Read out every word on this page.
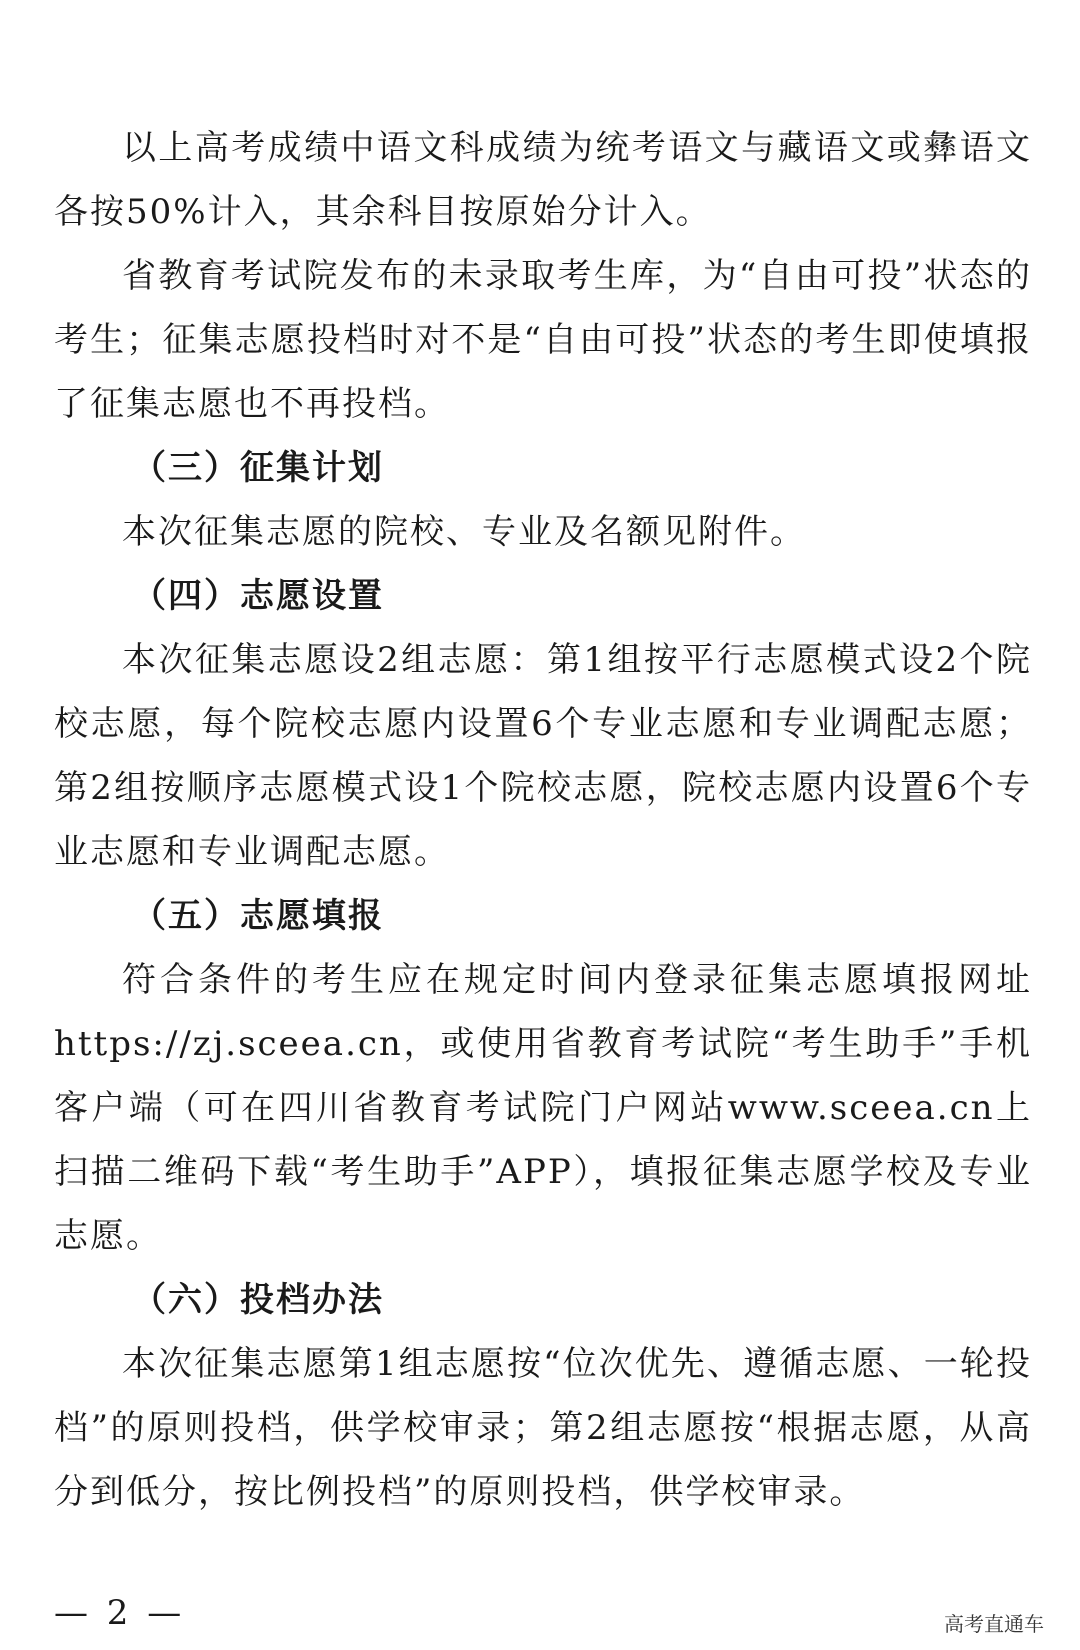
以上高考成绩中语文科成绩为统考语文与藏语文或彝语文各按50%计入，其余科目按原始分计入。

省教育考试院发布的未录取考生库，为“自由可投”状态的考生；征集志愿投档时对不是“自由可投”状态的考生即使填报了征集志愿也不再投档。

（三）征集计划

本次征集志愿的院校、专业及名额见附件。

（四）志愿设置

本次征集志愿设2组志愿：第1组按平行志愿模式设2个院校志愿，每个院校志愿内设置6个专业志愿和专业调配志愿；第2组按顺序志愿模式设1个院校志愿，院校志愿内设置6个专业志愿和专业调配志愿。

（五）志愿填报

符合条件的考生应在规定时间内登录征集志愿填报网址https://zj.sceea.cn，或使用省教育考试院“考生助手”手机客户端（可在四川省教育考试院门户网站www.sceea.cn上扫描二维码下载“考生助手”APP），填报征集志愿学校及专业志愿。

（六）投档办法

本次征集志愿第1组志愿按“位次优先、遵循志愿、一轮投档”的原则投档，供学校审录；第2组志愿按“根据志愿，从高分到低分，按比例投档”的原则投档，供学校审录。

— 2 —	高考直通车
